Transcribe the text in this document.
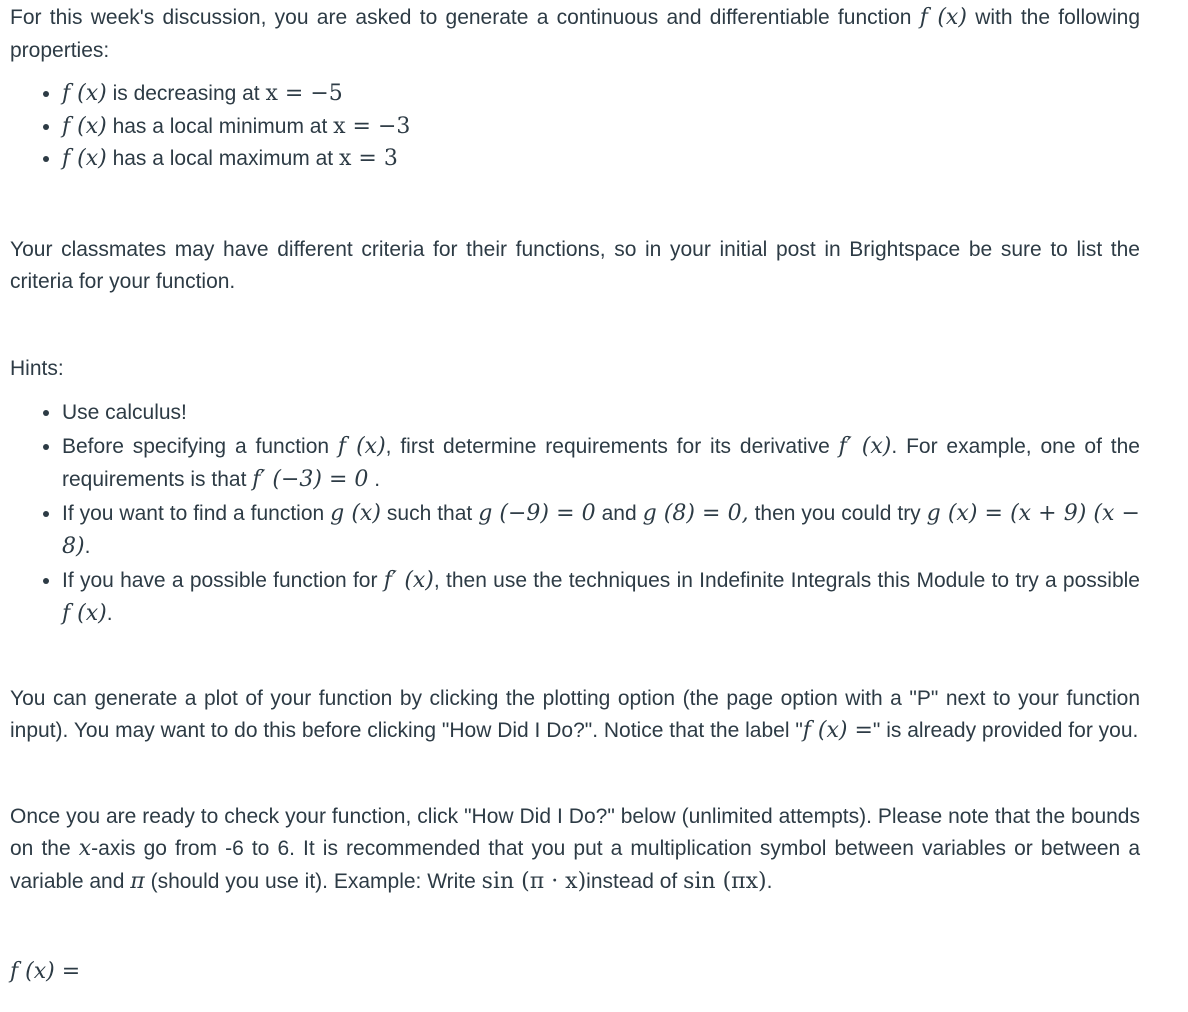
For this week's discussion, you are asked to generate a continuous and differentiable function f (x) with the following properties:

• f (x) is decreasing at x = −5
• f (x) has a local minimum at x = −3
• f (x) has a local maximum at x = 3

Your classmates may have different criteria for their functions, so in your initial post in Brightspace be sure to list the criteria for your function.

Hints:

• Use calculus!
• Before specifying a function f (x), first determine requirements for its derivative f′ (x). For example, one of the requirements is that f′ (−3) = 0 .
• If you want to find a function g (x) such that g (−9) = 0 and g (8) = 0, then you could try g (x) = (x + 9) (x − 8).
• If you have a possible function for f′ (x), then use the techniques in Indefinite Integrals this Module to try a possible f (x).

You can generate a plot of your function by clicking the plotting option (the page option with a "P" next to your function input). You may want to do this before clicking "How Did I Do?". Notice that the label "f (x) =" is already provided for you.

Once you are ready to check your function, click "How Did I Do?" below (unlimited attempts). Please note that the bounds on the x-axis go from -6 to 6. It is recommended that you put a multiplication symbol between variables or between a variable and π (should you use it). Example: Write sin (π · x)instead of sin (πx).

f (x) =
